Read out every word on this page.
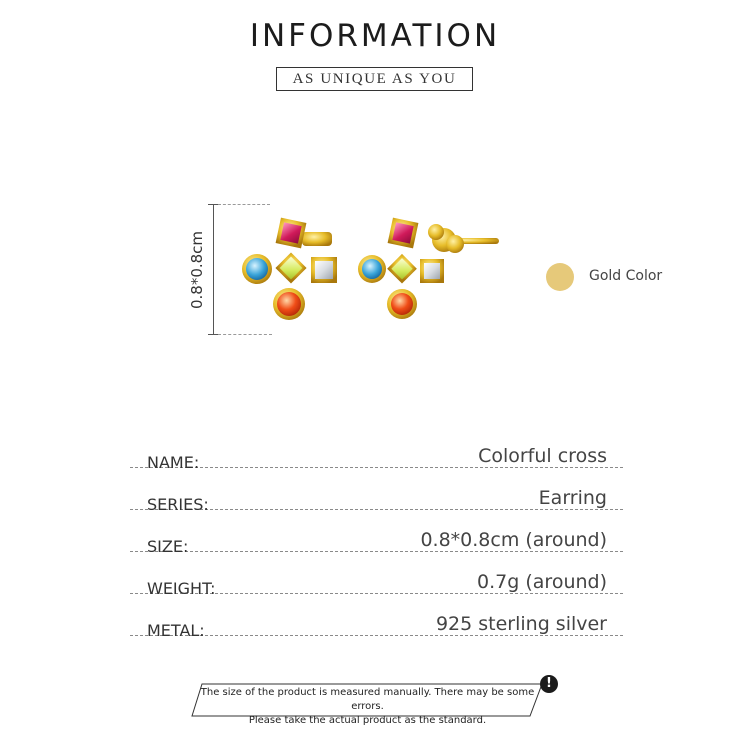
INFORMATION
AS UNIQUE AS YOU
0.8*0.8cm	Gold Color
NAME:	Colorful cross
SERIES:	Earring
SIZE:	0.8*0.8cm (around)
WEIGHT:	0.7g (around)
METAL:	925 sterling silver
The size of the product is measured manually. There may be some errors.
Please take the actual product as the standard.
!
